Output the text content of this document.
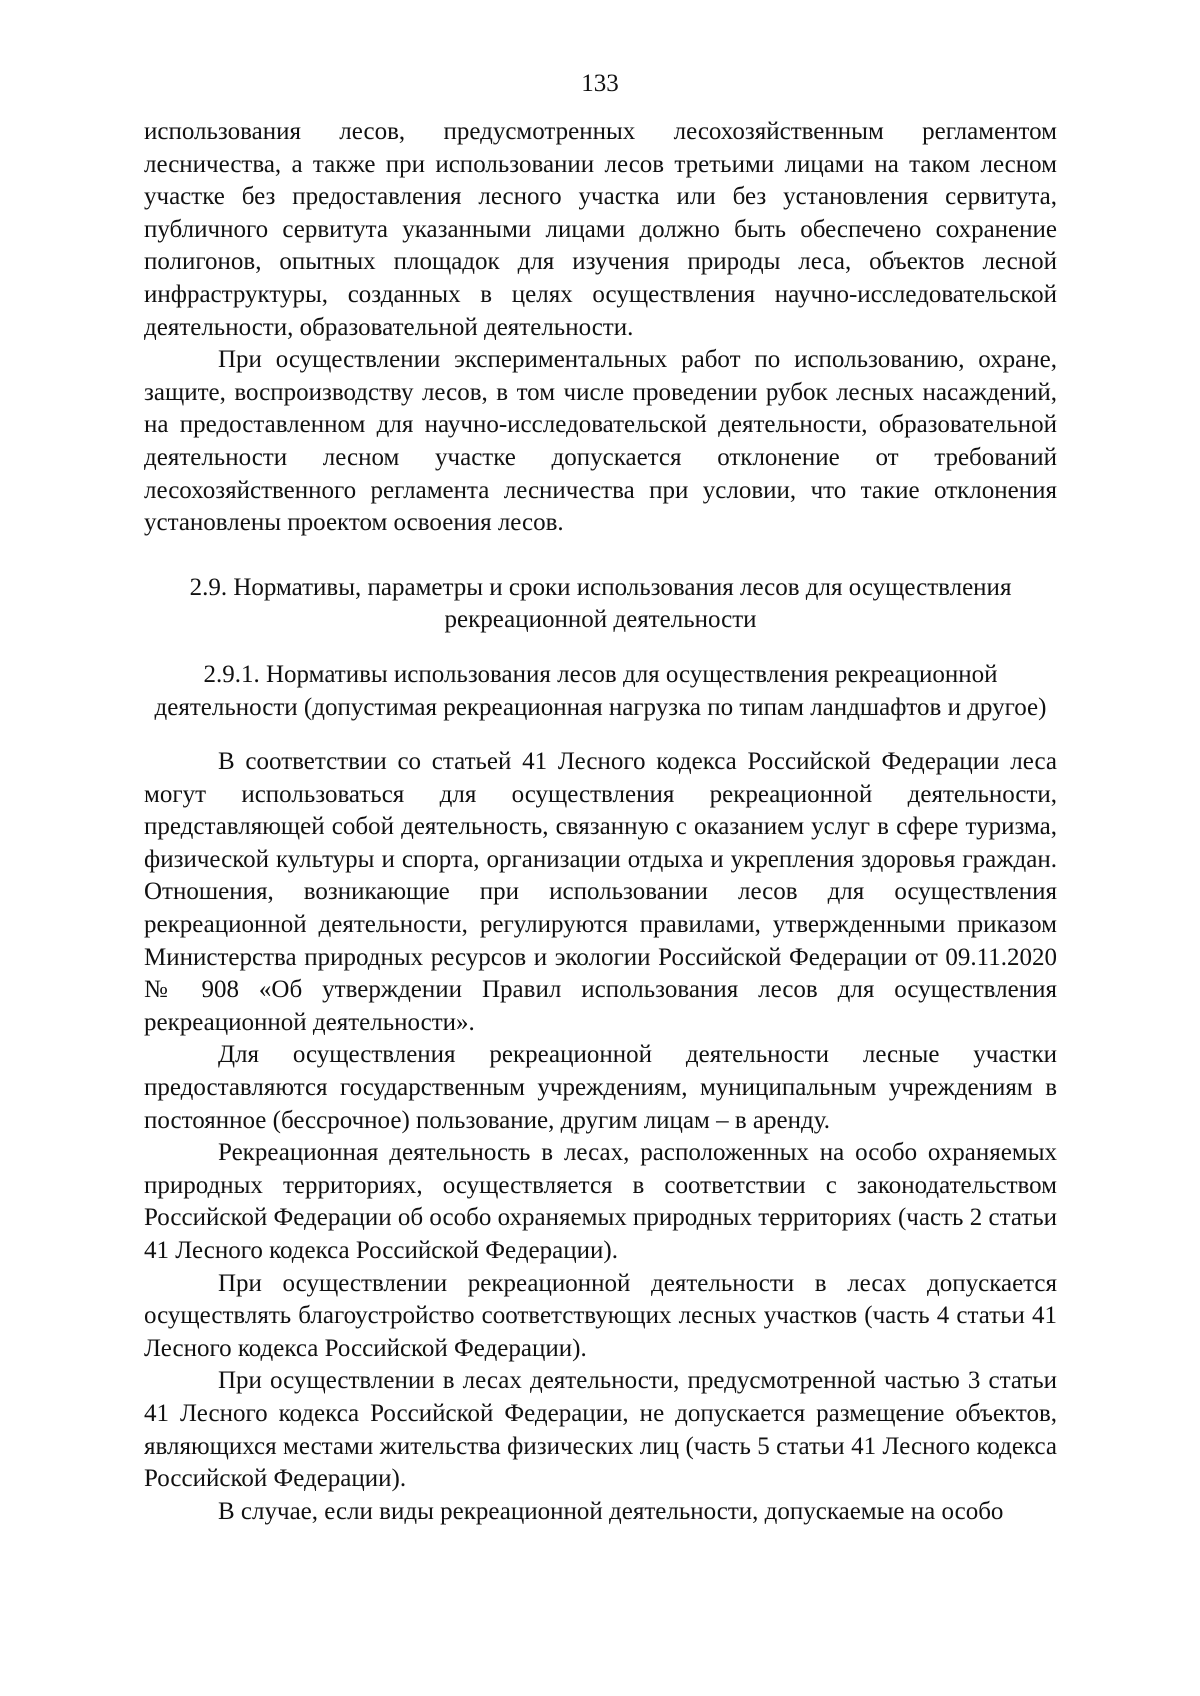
133

использования лесов, предусмотренных лесохозяйственным регламентом лесничества, а также при использовании лесов третьими лицами на таком лесном участке без предоставления лесного участка или без установления сервитута, публичного сервитута указанными лицами должно быть обеспечено сохранение полигонов, опытных площадок для изучения природы леса, объектов лесной инфраструктуры, созданных в целях осуществления научно-исследовательской деятельности, образовательной деятельности.

При осуществлении экспериментальных работ по использованию, охране, защите, воспроизводству лесов, в том числе проведении рубок лесных насаждений, на предоставленном для научно-исследовательской деятельности, образовательной деятельности лесном участке допускается отклонение от требований лесохозяйственного регламента лесничества при условии, что такие отклонения установлены проектом освоения лесов.

2.9. Нормативы, параметры и сроки использования лесов для осуществления рекреационной деятельности

2.9.1. Нормативы использования лесов для осуществления рекреационной деятельности (допустимая рекреационная нагрузка по типам ландшафтов и другое)

В соответствии со статьей 41 Лесного кодекса Российской Федерации леса могут использоваться для осуществления рекреационной деятельности, представляющей собой деятельность, связанную с оказанием услуг в сфере туризма, физической культуры и спорта, организации отдыха и укрепления здоровья граждан. Отношения, возникающие при использовании лесов для осуществления рекреационной деятельности, регулируются правилами, утвержденными приказом Министерства природных ресурсов и экологии Российской Федерации от 09.11.2020 № 908 «Об утверждении Правил использования лесов для осуществления рекреационной деятельности».

Для осуществления рекреационной деятельности лесные участки предоставляются государственным учреждениям, муниципальным учреждениям в постоянное (бессрочное) пользование, другим лицам – в аренду.

Рекреационная деятельность в лесах, расположенных на особо охраняемых природных территориях, осуществляется в соответствии с законодательством Российской Федерации об особо охраняемых природных территориях (часть 2 статьи 41 Лесного кодекса Российской Федерации).

При осуществлении рекреационной деятельности в лесах допускается осуществлять благоустройство соответствующих лесных участков (часть 4 статьи 41 Лесного кодекса Российской Федерации).

При осуществлении в лесах деятельности, предусмотренной частью 3 статьи 41 Лесного кодекса Российской Федерации, не допускается размещение объектов, являющихся местами жительства физических лиц (часть 5 статьи 41 Лесного кодекса Российской Федерации).

В случае, если виды рекреационной деятельности, допускаемые на особо
